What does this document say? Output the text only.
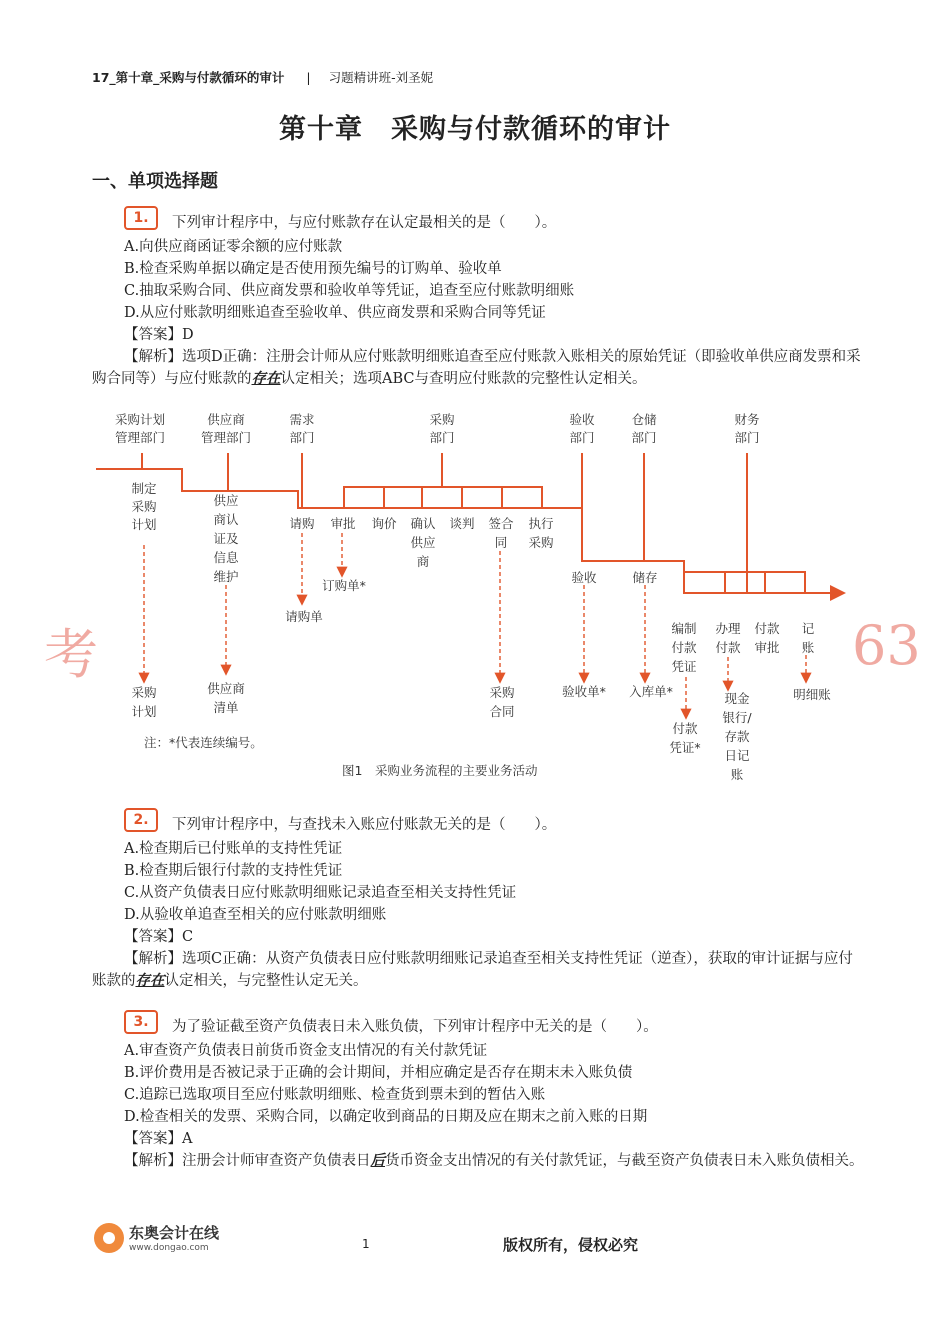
17_第十章_采购与付款循环的审计 | 习题精讲班-刘圣妮
第十章　采购与付款循环的审计
一、单项选择题
1.	下列审计程序中，与应付账款存在认定最相关的是（　　）。
A.向供应商函证零余额的应付账款
B.检查采购单据以确定是否使用预先编号的订购单、验收单
C.抽取采购合同、供应商发票和验收单等凭证，追查至应付账款明细账
D.从应付账款明细账追查至验收单、供应商发票和采购合同等凭证
【答案】D
【解析】选项D正确：注册会计师从应付账款明细账追查至应付账款入账相关的原始凭证（即验收单供应商发票和采购合同等）与应付账款的存在认定相关；选项ABC与查明应付账款的完整性认定相关。
采购计划
管理部门
供应商
管理部门
需求
部门
采购
部门
验收
部门
仓储
部门
财务
部门
制定
采购
计划
供应
商认
证及
信息
维护
请购 审批 询价 确认
供应
商
谈判 签合
同
执行
采购
验收	储存
编制
付款
凭证
办理
付款
付款
审批
记
账
采购
计划
供应商
清单
订购单*
请购单
采购
合同
验收单* 入库单*
付款
凭证*
现金
银行/
存款
日记
账
明细账
注：*代表连续编号。
图1　采购业务流程的主要业务活动
考	63
2.	下列审计程序中，与查找未入账应付账款无关的是（　　）。
A.检查期后已付账单的支持性凭证
B.检查期后银行付款的支持性凭证
C.从资产负债表日应付账款明细账记录追查至相关支持性凭证
D.从验收单追查至相关的应付账款明细账
【答案】C
【解析】选项C正确：从资产负债表日应付账款明细账记录追查至相关支持性凭证（逆查），获取的审计证据与应付账款的存在认定相关，与完整性认定无关。
3.	为了验证截至资产负债表日未入账负债，下列审计程序中无关的是（　　）。
A.审查资产负债表日前货币资金支出情况的有关付款凭证
B.评价费用是否被记录于正确的会计期间，并相应确定是否存在期末未入账负债
C.追踪已选取项目至应付账款明细账、检查货到票未到的暂估入账
D.检查相关的发票、采购合同，以确定收到商品的日期及应在期末之前入账的日期
【答案】A
【解析】注册会计师审查资产负债表日后货币资金支出情况的有关付款凭证，与截至资产负债表日未入账负债相关。
东奥会计在线
www.dongao.com	1	版权所有，侵权必究
